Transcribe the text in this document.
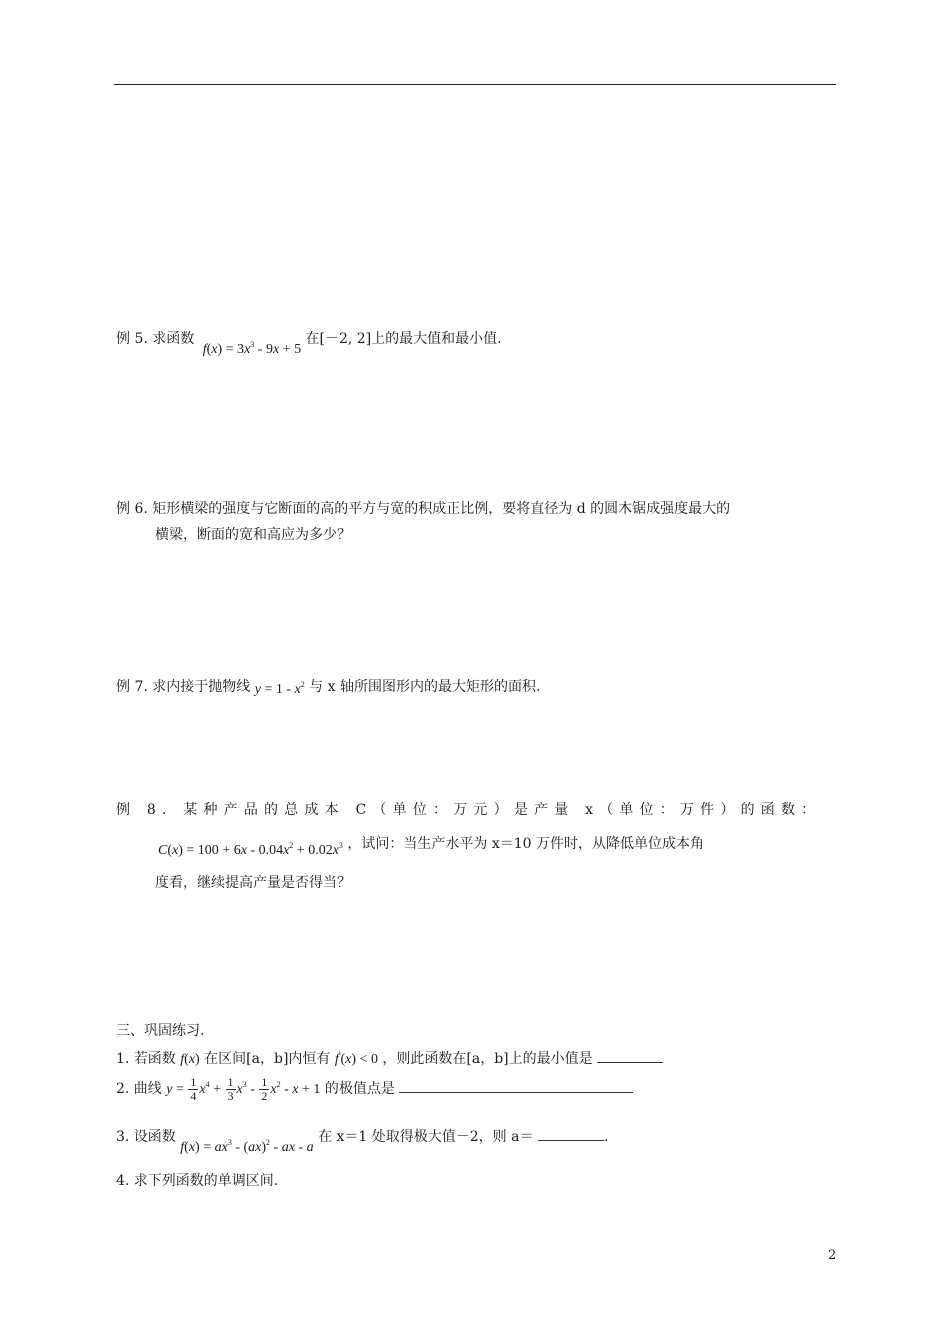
例 5. 求函数 $f(x) = 3x^3 - 9x + 5$ 在[－2, 2]上的最大值和最小值.
例 6. 矩形横梁的强度与它断面的高的平方与宽的积成正比例，要将直径为 d 的圆木锯成强度最大的
横梁，断面的宽和高应为多少？
例 7. 求内接于抛物线 $y = 1 - x^2$ 与 x 轴所围图形内的最大矩形的面积.
例 8. 某种产品的总成本 C（单位：万元）是产量 x（单位：万件）的函数：
$C(x) = 100 + 6x - 0.04x^2 + 0.02x^3$ ，试问：当生产水平为 x＝10 万件时，从降低单位成本角
度看，继续提高产量是否得当？
三、巩固练习.
1. 若函数 f(x) 在区间[a，b]内恒有 f′(x) < 0 ，则此函数在[a，b]上的最小值是
2. 曲线 $y = \frac{1}{4} x^4 + \frac{1}{3} x^3 - \frac{1}{2} x^2 - x + 1$ 的极值点是
3. 设函数 $f(x) = ax^3 - (ax)^2$ - ax - a 在 x＝1 处取得极大值－2，则 a＝	.
4. 求下列函数的单调区间.
2
